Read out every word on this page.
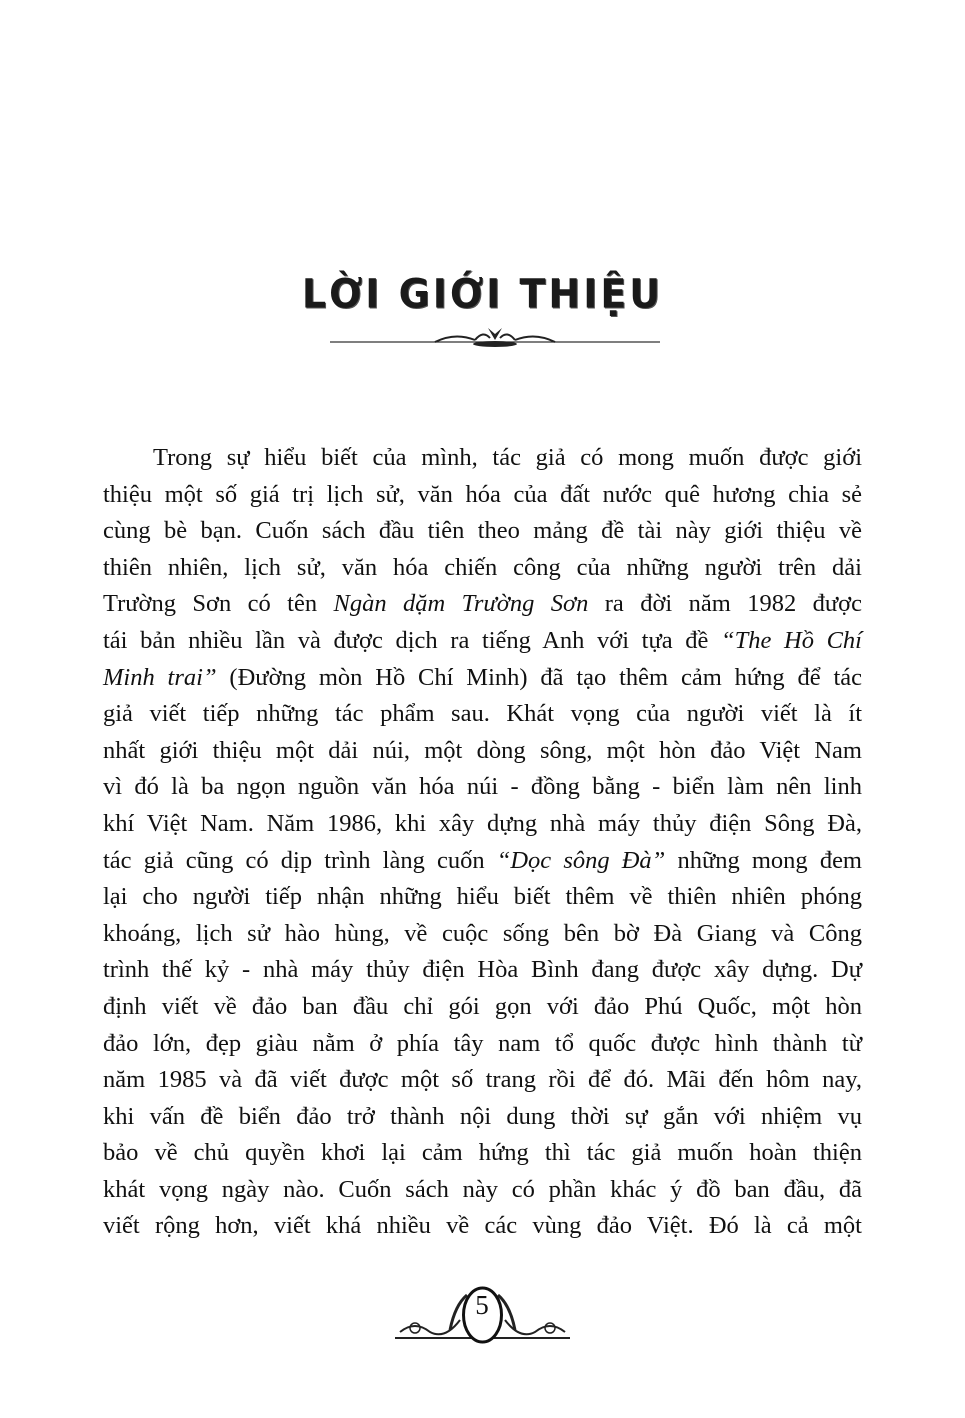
LỜI GIỚI THIỆU
Trong sự hiểu biết của mình, tác giả có mong muốn được giới
thiệu một số giá trị lịch sử, văn hóa của đất nước quê hương chia sẻ
cùng bè bạn. Cuốn sách đầu tiên theo mảng đề tài này giới thiệu về
thiên nhiên, lịch sử, văn hóa chiến công của những người trên dải
Trường Sơn có tên Ngàn dặm Trường Sơn ra đời năm 1982 được
tái bản nhiều lần và được dịch ra tiếng Anh với tựa đề “The Hồ Chí
Minh trai” (Đường mòn Hồ Chí Minh) đã tạo thêm cảm hứng để tác
giả viết tiếp những tác phẩm sau. Khát vọng của người viết là ít
nhất giới thiệu một dải núi, một dòng sông, một hòn đảo Việt Nam
vì đó là ba ngọn nguồn văn hóa núi - đồng bằng - biển làm nên linh
khí Việt Nam. Năm 1986, khi xây dựng nhà máy thủy điện Sông Đà,
tác giả cũng có dịp trình làng cuốn “Dọc sông Đà” những mong đem
lại cho người tiếp nhận những hiểu biết thêm về thiên nhiên phóng
khoáng, lịch sử hào hùng, về cuộc sống bên bờ Đà Giang và Công
trình thế kỷ - nhà máy thủy điện Hòa Bình đang được xây dựng. Dự
định viết về đảo ban đầu chỉ gói gọn với đảo Phú Quốc, một hòn
đảo lớn, đẹp giàu nằm ở phía tây nam tổ quốc được hình thành từ
năm 1985 và đã viết được một số trang rồi để đó. Mãi đến hôm nay,
khi vấn đề biển đảo trở thành nội dung thời sự gắn với nhiệm vụ
bảo về chủ quyền khơi lại cảm hứng thì tác giả muốn hoàn thiện
khát vọng ngày nào. Cuốn sách này có phần khác ý đồ ban đầu, đã
viết rộng hơn, viết khá nhiều về các vùng đảo Việt. Đó là cả một
5
